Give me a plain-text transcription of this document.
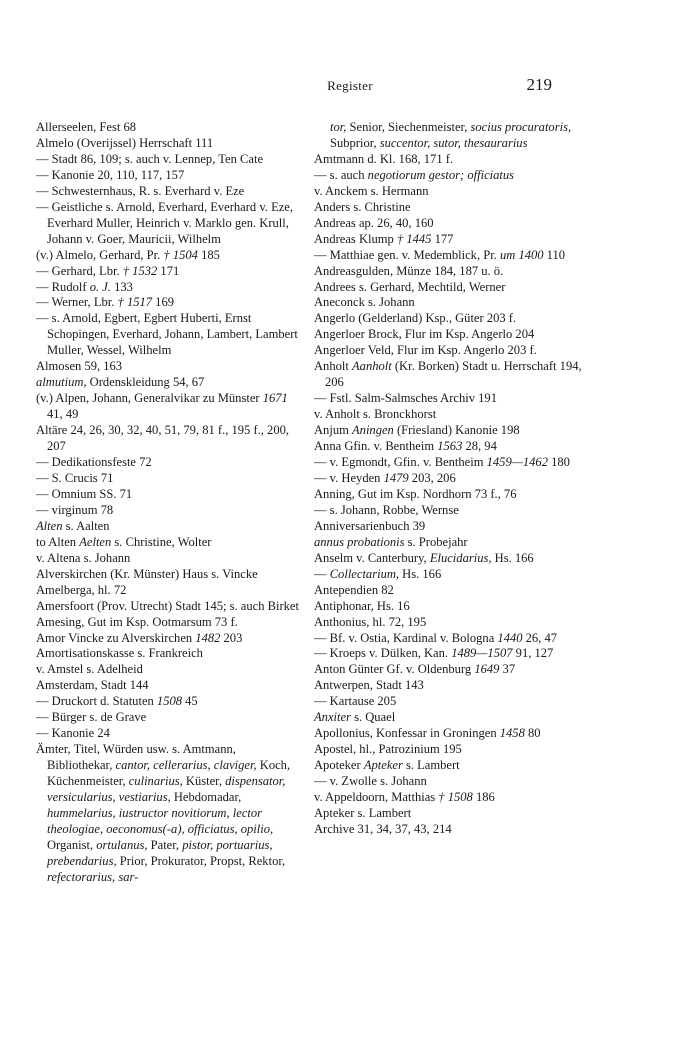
Register	219
Allerseelen, Fest 68
Almelo (Overijssel) Herrschaft 111
— Stadt 86, 109; s. auch v. Lennep, Ten Cate
— Kanonie 20, 110, 117, 157
— Schwesternhaus, R. s. Everhard v. Eze
— Geistliche s. Arnold, Everhard, Everhard v. Eze, Everhard Muller, Heinrich v. Marklo gen. Krull, Johann v. Goer, Mauricii, Wilhelm
(v.) Almelo, Gerhard, Pr. † 1504 185
— Gerhard, Lbr. † 1532 171
— Rudolf o. J. 133
— Werner, Lbr. † 1517 169
— s. Arnold, Egbert, Egbert Huberti, Ernst Schopingen, Everhard, Johann, Lambert, Lambert Muller, Wessel, Wilhelm
Almosen 59, 163
almutium, Ordenskleidung 54, 67
(v.) Alpen, Johann, Generalvikar zu Münster 1671 41, 49
Altäre 24, 26, 30, 32, 40, 51, 79, 81 f., 195 f., 200, 207
— Dedikationsfeste 72
— S. Crucis 71
— Omnium SS. 71
— virginum 78
Alten s. Aalten
to Alten Aelten s. Christine, Wolter
v. Altena s. Johann
Alverskirchen (Kr. Münster) Haus s. Vincke
Amelberga, hl. 72
Amersfoort (Prov. Utrecht) Stadt 145; s. auch Birket
Amesing, Gut im Ksp. Ootmarsum 73 f.
Amor Vincke zu Alverskirchen 1482 203
Amortisationskasse s. Frankreich
v. Amstel s. Adelheid
Amsterdam, Stadt 144
— Druckort d. Statuten 1508 45
— Bürger s. de Grave
— Kanonie 24
Ämter, Titel, Würden usw. s. Amtmann, Bibliothekar, cantor, cellerarius, claviger, Koch, Küchenmeister, culinarius, Küster, dispensator, versicularius, vestiarius, Hebdomadar, hummelarius, iustructor novitiorum, lector theologiae, oeconomus(-a), officiatus, opilio, Organist, ortulanus, Pater, pistor, portuarius, prebendarius, Prior, Prokurator, Propst, Rektor, refectorarius, sar-
tor, Senior, Siechenmeister, socius procuratoris, Subprior, succentor, sutor, thesaurarius
Amtmann d. Kl. 168, 171 f.
— s. auch negotiorum gestor; officiatus
v. Anckem s. Hermann
Anders s. Christine
Andreas ap. 26, 40, 160
Andreas Klump † 1445 177
— Matthiae gen. v. Medemblick, Pr. um 1400 110
Andreasgulden, Münze 184, 187 u. ö.
Andrees s. Gerhard, Mechtild, Werner
Aneconck s. Johann
Angerlo (Gelderland) Ksp., Güter 203 f.
Angerloer Brock, Flur im Ksp. Angerlo 204
Angerloer Veld, Flur im Ksp. Angerlo 203 f.
Anholt Aanholt (Kr. Borken) Stadt u. Herrschaft 194, 206
— Fstl. Salm-Salmsches Archiv 191
v. Anholt s. Bronckhorst
Anjum Aningen (Friesland) Kanonie 198
Anna Gfin. v. Bentheim 1563 28, 94
— v. Egmondt, Gfin. v. Bentheim 1459—1462 180
— v. Heyden 1479 203, 206
Anning, Gut im Ksp. Nordhorn 73 f., 76
— s. Johann, Robbe, Wernse
Anniversarienbuch 39
annus probationis s. Probejahr
Anselm v. Canterbury, Elucidarius, Hs. 166
— Collectarium, Hs. 166
Antependien 82
Antiphonar, Hs. 16
Anthonius, hl. 72, 195
— Bf. v. Ostia, Kardinal v. Bologna 1440 26, 47
— Kroeps v. Dülken, Kan. 1489—1507 91, 127
Anton Günter Gf. v. Oldenburg 1649 37
Antwerpen, Stadt 143
— Kartause 205
Anxiter s. Quael
Apollonius, Konfessar in Groningen 1458 80
Apostel, hl., Patrozinium 195
Apoteker Apteker s. Lambert
— v. Zwolle s. Johann
v. Appeldoorn, Matthias † 1508 186
Apteker s. Lambert
Archive 31, 34, 37, 43, 214
